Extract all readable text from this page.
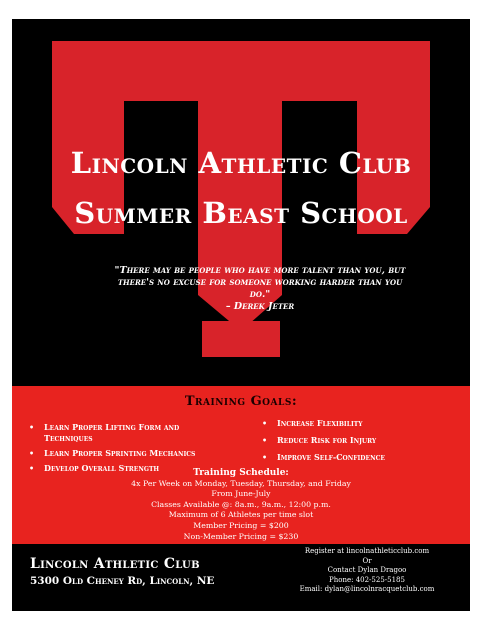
Lincoln Athletic Club
Summer Beast School
"There may be people who have more talent than you, but there's no excuse for someone working harder than you do."
– Derek Jeter
Training Goals:
• Learn Proper Lifting Form and Techniques
• Learn Proper Sprinting Mechanics
• Develop Overall Strength
• Increase Flexibility
• Reduce Risk for Injury
• Improve Self-Confidence
Training Schedule:
4x Per Week on Monday, Tuesday, Thursday, and Friday
From June-July
Classes Available @: 8a.m., 9a.m., 12:00 p.m.
Maximum of 6 Athletes per time slot
Member Pricing = $200
Non-Member Pricing = $230
Lincoln Athletic Club
5300 Old Cheney Rd, Lincoln, NE
Register at lincolnathleticclub.com
Or
Contact Dylan Dragoo
Phone: 402-525-5185
Email: dylan@lincolnracquetclub.com
